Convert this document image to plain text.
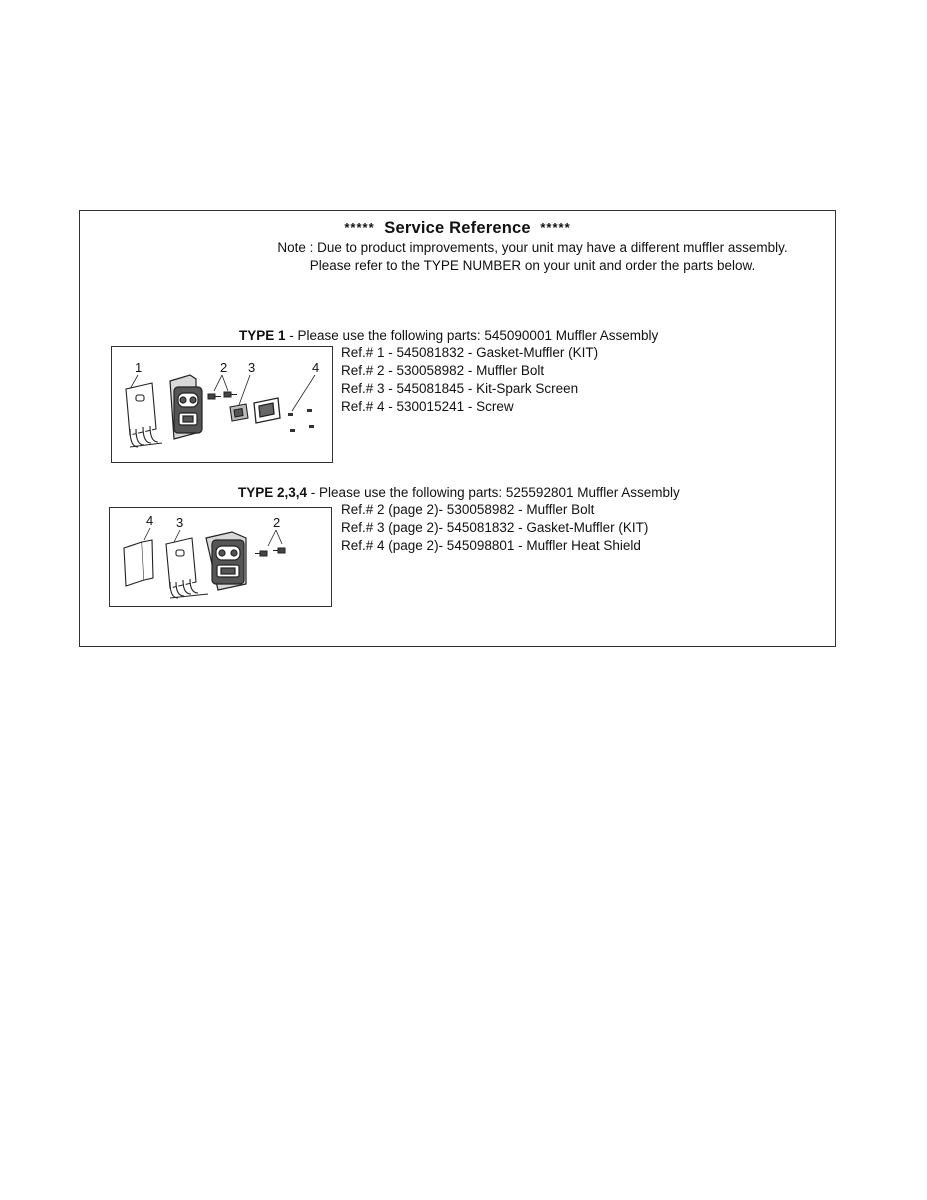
***** Service Reference *****
Note : Due to product improvements, your unit may have a different muffler assembly.
Please refer to the TYPE NUMBER on your unit and order the parts below.
TYPE 1 - Please use the following parts: 545090001 Muffler Assembly
1	2 3	4
Ref.# 1 - 545081832 - Gasket-Muffler (KIT)
Ref.# 2 - 530058982 - Muffler Bolt
Ref.# 3 - 545081845 - Kit-Spark Screen
Ref.# 4 - 530015241 - Screw
TYPE 2,3,4 - Please use the following parts: 525592801 Muffler Assembly
4 3	2
Ref.# 2 (page 2)- 530058982 - Muffler Bolt
Ref.# 3 (page 2)- 545081832 - Gasket-Muffler (KIT)
Ref.# 4 (page 2)- 545098801 - Muffler Heat Shield
